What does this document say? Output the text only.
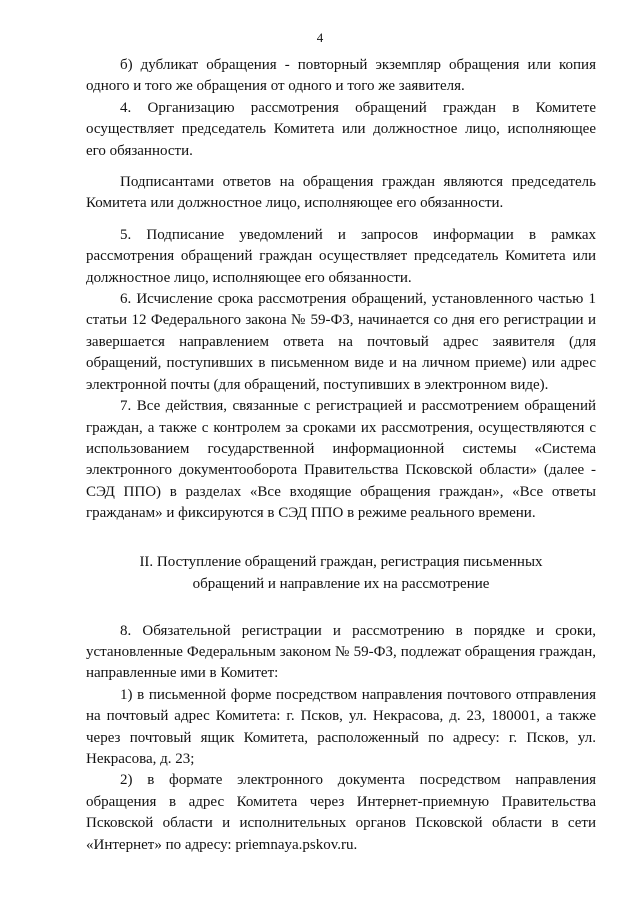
4

б) дубликат обращения - повторный экземпляр обращения или копия одного и того же обращения от одного и того же заявителя.

4. Организацию рассмотрения обращений граждан в Комитете осуществляет председатель Комитета или должностное лицо, исполняющее его обязанности.

Подписантами ответов на обращения граждан являются председатель Комитета или должностное лицо, исполняющее его обязанности.

5. Подписание уведомлений и запросов информации в рамках рассмотрения обращений граждан осуществляет председатель Комитета или должностное лицо, исполняющее его обязанности.

6. Исчисление срока рассмотрения обращений, установленного частью 1 статьи 12 Федерального закона № 59-ФЗ, начинается со дня его регистрации и завершается направлением ответа на почтовый адрес заявителя (для обращений, поступивших в письменном виде и на личном приеме) или адрес электронной почты (для обращений, поступивших в электронном виде).

7. Все действия, связанные с регистрацией и рассмотрением обращений граждан, а также с контролем за сроками их рассмотрения, осуществляются с использованием государственной информационной системы «Система электронного документооборота Правительства Псковской области» (далее - СЭД ППО) в разделах «Все входящие обращения граждан», «Все ответы гражданам» и фиксируются в СЭД ППО в режиме реального времени.

II. Поступление обращений граждан, регистрация письменных

обращений и направление их на рассмотрение

8. Обязательной регистрации и рассмотрению в порядке и сроки, установленные Федеральным законом № 59-ФЗ, подлежат обращения граждан, направленные ими в Комитет:

1) в письменной форме посредством направления почтового отправления на почтовый адрес Комитета: г. Псков, ул. Некрасова, д. 23, 180001, а также через почтовый ящик Комитета, расположенный по адресу: г. Псков, ул. Некрасова, д. 23;

2) в формате электронного документа посредством направления обращения в адрес Комитета через Интернет-приемную Правительства Псковской области и исполнительных органов Псковской области в сети «Интернет» по адресу: priemnaya.pskov.ru.
